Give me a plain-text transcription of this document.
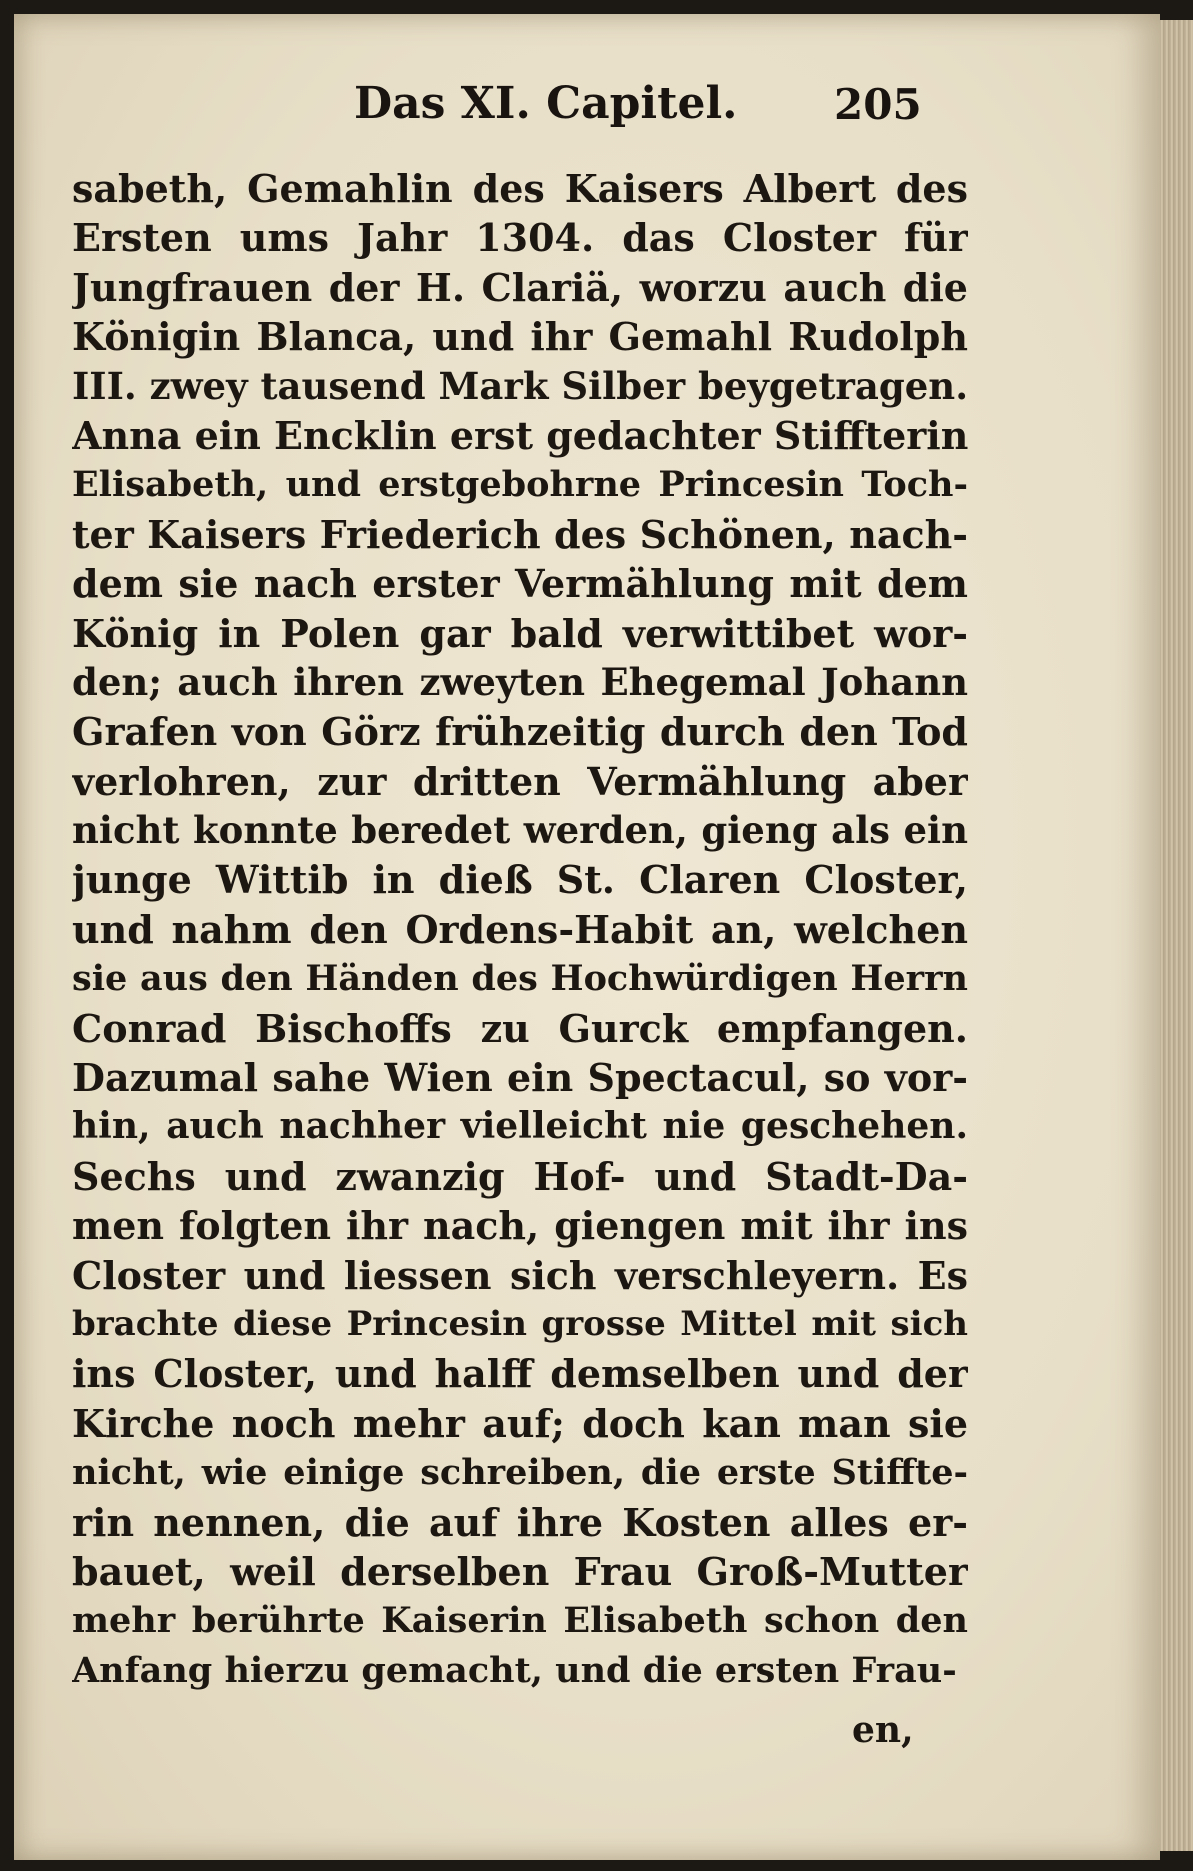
Das XI. Capitel. 205
sabeth, Gemahlin des Kaisers Albert des
Ersten ums Jahr 1304. das Closter für
Jungfrauen der H. Clariä, worzu auch die
Königin Blanca, und ihr Gemahl Rudolph
III. zwey tausend Mark Silber beygetragen.
Anna ein Encklin erst gedachter Stiffterin
Elisabeth, und erstgebohrne Princesin Toch-
ter Kaisers Friederich des Schönen, nach-
dem sie nach erster Vermählung mit dem
König in Polen gar bald verwittibet wor-
den; auch ihren zweyten Ehegemal Johann
Grafen von Görz frühzeitig durch den Tod
verlohren, zur dritten Vermählung aber
nicht konnte beredet werden, gieng als ein
junge Wittib in dieß St. Claren Closter,
und nahm den Ordens-Habit an, welchen
sie aus den Händen des Hochwürdigen Herrn
Conrad Bischoffs zu Gurck empfangen.
Dazumal sahe Wien ein Spectacul, so vor-
hin, auch nachher vielleicht nie geschehen.
Sechs und zwanzig Hof- und Stadt-Da-
men folgten ihr nach, giengen mit ihr ins
Closter und liessen sich verschleyern. Es
brachte diese Princesin grosse Mittel mit sich
ins Closter, und halff demselben und der
Kirche noch mehr auf; doch kan man sie
nicht, wie einige schreiben, die erste Stiffte-
rin nennen, die auf ihre Kosten alles er-
bauet, weil derselben Frau Groß-Mutter
mehr berührte Kaiserin Elisabeth schon den
Anfang hierzu gemacht, und die ersten Frau-
en,
